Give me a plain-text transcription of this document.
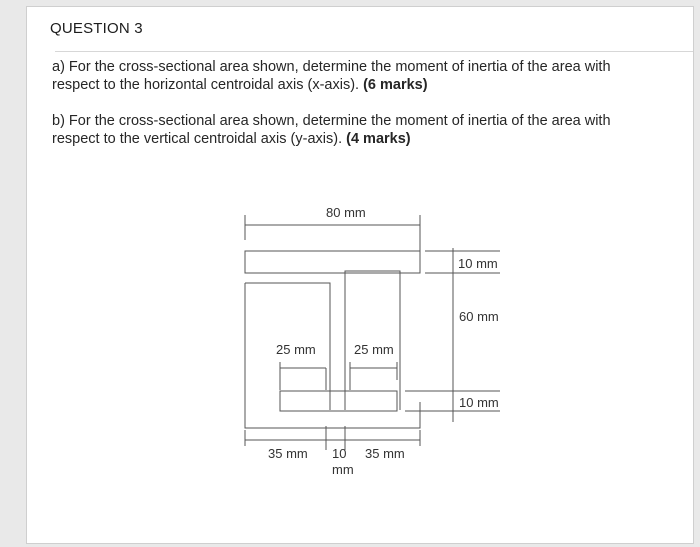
QUESTION 3
a) For the cross-sectional area shown, determine the moment of inertia of the area with respect to the horizontal centroidal axis (x-axis). (6 marks)
b) For the cross-sectional area shown, determine the moment of inertia of the area with respect to the vertical centroidal axis (y-axis). (4 marks)
80 mm
10 mm
60 mm
10 mm
25 mm	25 mm
35 mm 10
mm
35 mm
